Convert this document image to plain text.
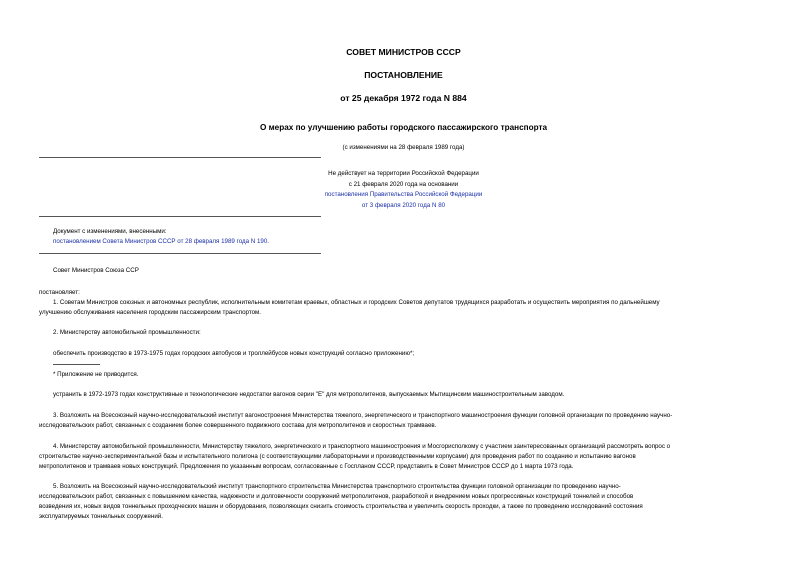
СОВЕТ МИНИСТРОВ СССР
ПОСТАНОВЛЕНИЕ
от 25 декабря 1972 года N 884
О мерах по улучшению работы городского пассажирского транспорта
(с изменениями на 28 февраля 1989 года)
Не действует на территории Российской Федерации
с 21 февраля 2020 года на основании
постановления Правительства Российской Федерации
от 3 февраля 2020 года N 80
Документ с изменениями, внесенными:
постановлением Совета Министров СССР от 28 февраля 1989 года N 190.
Совет Министров Союза ССР
постановляет:
1. Советам Министров союзных и автономных республик, исполнительным комитетам краевых, областных и городских Советов депутатов трудящихся разработать и осуществить мероприятия по дальнейшему
улучшению обслуживания населения городским пассажирским транспортом.
2. Министерству автомобильной промышленности:
обеспечить производство в 1973-1975 годах городских автобусов и троллейбусов новых конструкций согласно приложению*;
* Приложение не приводится.
устранить в 1972-1973 годах конструктивные и технологические недостатки вагонов серии "Е" для метрополитенов, выпускаемых Мытищинским машиностроительным заводом.
3. Возложить на Всесоюзный научно-исследовательский институт вагоностроения Министерства тяжелого, энергетического и транспортного машиностроения функции головной организации по проведению научно-
исследовательских работ, связанных с созданием более совершенного подвижного состава для метрополитенов и скоростных трамваев.
4. Министерству автомобильной промышленности, Министерству тяжелого, энергетического и транспортного машиностроения и Мосгорисполкому с участием заинтересованных организаций рассмотреть вопрос о
строительстве научно-экспериментальной базы и испытательного полигона (с соответствующими лабораторными и производственными корпусами) для проведения работ по созданию и испытанию вагонов
метрополитенов и трамваев новых конструкций. Предложения по указанным вопросам, согласованные с Госпланом СССР, представить в Совет Министров СССР до 1 марта 1973 года.
5. Возложить на Всесоюзный научно-исследовательский институт транспортного строительства Министерства транспортного строительства функции головной организации по проведению научно-
исследовательских работ, связанных с повышением качества, надежности и долговечности сооружений метрополитенов, разработкой и внедрением новых прогрессивных конструкций тоннелей и способов
возведения их, новых видов тоннельных проходческих машин и оборудования, позволяющих снизить стоимость строительства и увеличить скорость проходки, а также по проведению исследований состояния
эксплуатируемых тоннельных сооружений.
